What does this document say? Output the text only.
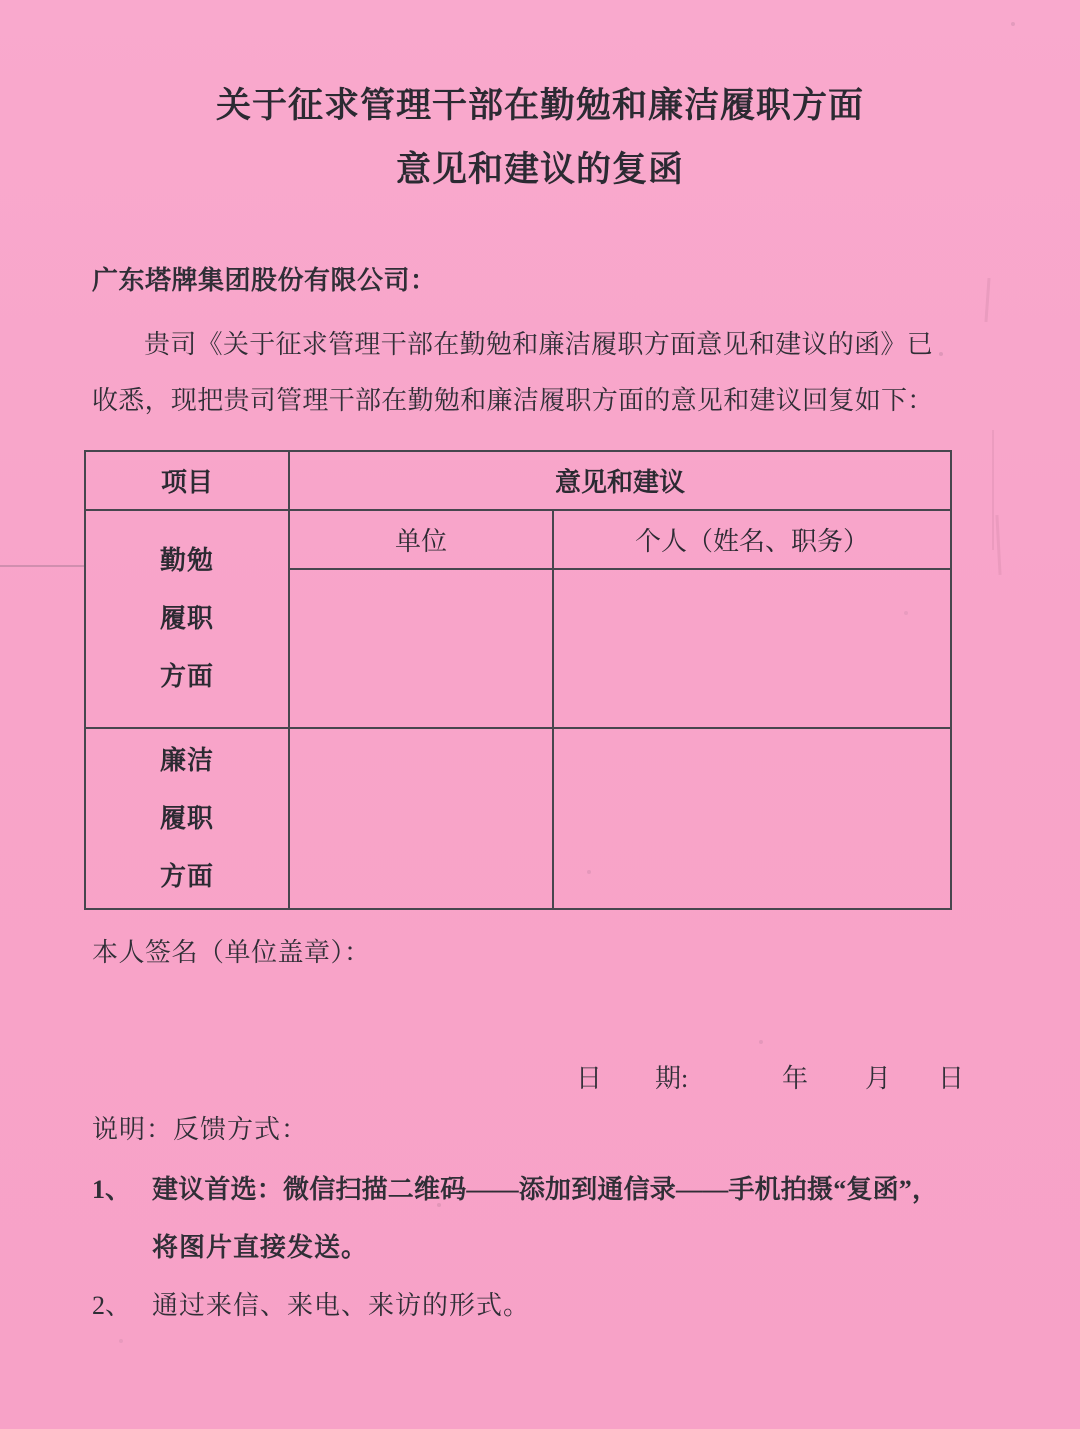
关于征求管理干部在勤勉和廉洁履职方面
意见和建议的复函
广东塔牌集团股份有限公司：
贵司《关于征求管理干部在勤勉和廉洁履职方面意见和建议的函》已
收悉，现把贵司管理干部在勤勉和廉洁履职方面的意见和建议回复如下：
项目	意见和建议	

勤勉
履职
方面	单位	个人（姓名、职务）

廉洁
履职
方面		

本人签名（单位盖章）：
日 期:	年 月 日
说明：反馈方式：
1、 建议首选：微信扫描二维码——添加到通信录——手机拍摄“复函”，
将图片直接发送。
2、 通过来信、来电、来访的形式。
